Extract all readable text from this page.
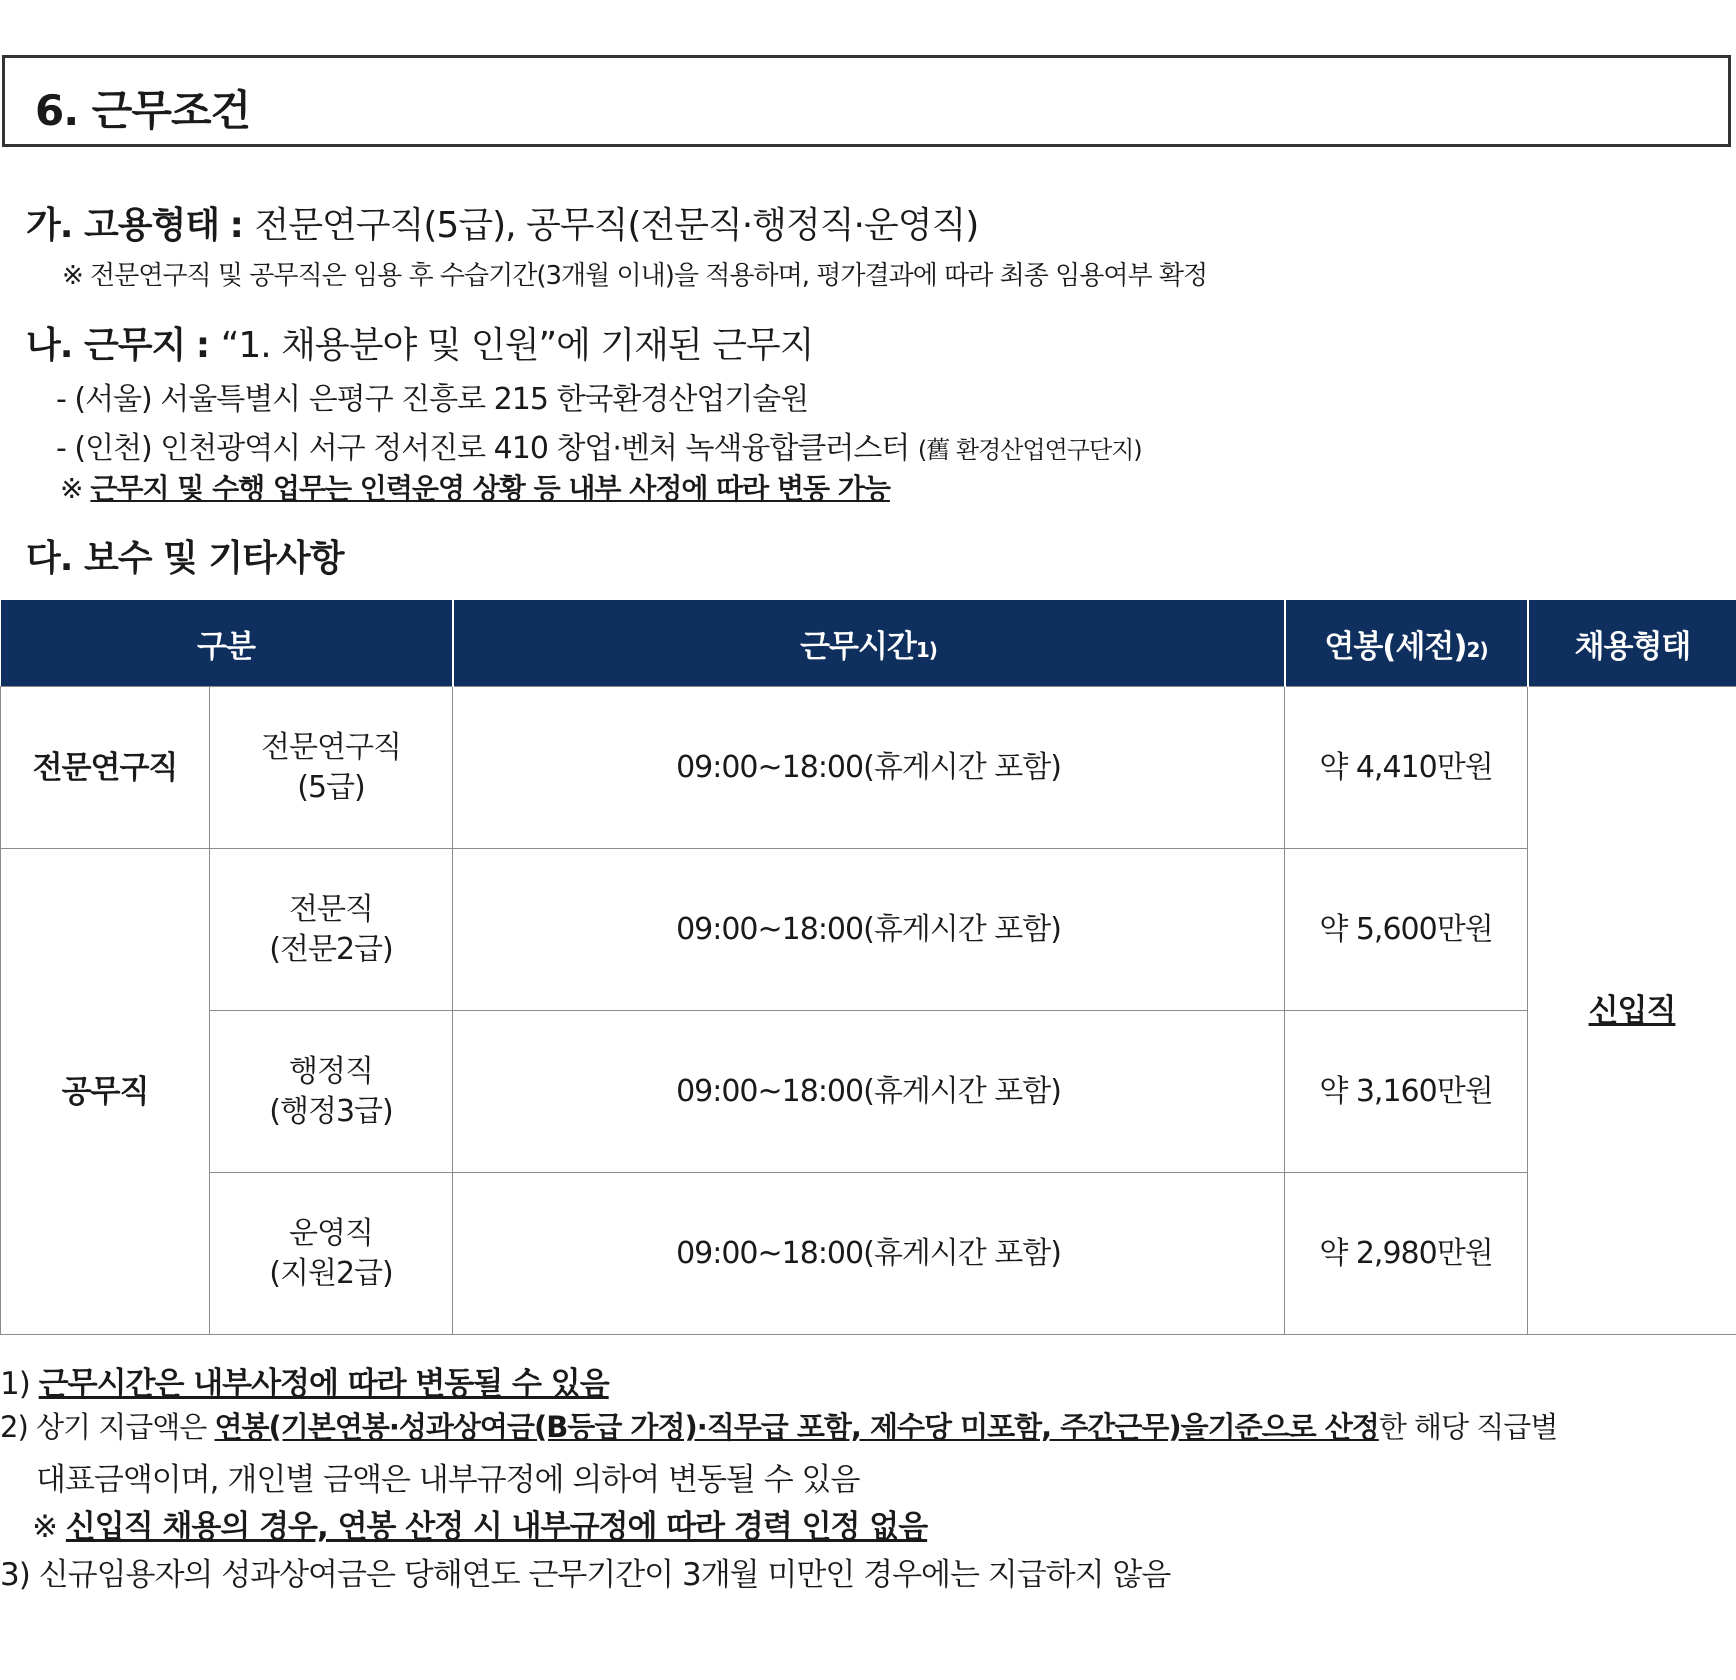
6. 근무조건
가. 고용형태 : 전문연구직(5급), 공무직(전문직·행정직·운영직)
※ 전문연구직 및 공무직은 임용 후 수습기간(3개월 이내)을 적용하며, 평가결과에 따라 최종 임용여부 확정
나. 근무지 : “1. 채용분야 및 인원”에 기재된 근무지
- (서울) 서울특별시 은평구 진흥로 215 한국환경산업기술원
- (인천) 인천광역시 서구 정서진로 410 창업·벤처 녹색융합클러스터 (舊 환경산업연구단지)
※ 근무지 및 수행 업무는 인력운영 상황 등 내부 사정에 따라 변동 가능
다. 보수 및 기타사항
구분		근무시간1)	연봉(세전)2)	채용형태
전문연구직	전문연구직
(5급)	09:00~18:00(휴게시간 포함)	약 4,410만원	신입직
공무직	전문직
(전문2급)	09:00~18:00(휴게시간 포함)	약 5,600만원	
	행정직
(행정3급)	09:00~18:00(휴게시간 포함)	약 3,160만원	
	운영직
(지원2급)	09:00~18:00(휴게시간 포함)	약 2,980만원	
1) 근무시간은 내부사정에 따라 변동될 수 있음
2) 상기 지급액은 연봉(기본연봉·성과상여금(B등급 가정)·직무급 포함, 제수당 미포함, 주간근무)을기준으로 산정한 해당 직급별
대표금액이며, 개인별 금액은 내부규정에 의하여 변동될 수 있음
※ 신입직 채용의 경우, 연봉 산정 시 내부규정에 따라 경력 인정 없음
3) 신규임용자의 성과상여금은 당해연도 근무기간이 3개월 미만인 경우에는 지급하지 않음
